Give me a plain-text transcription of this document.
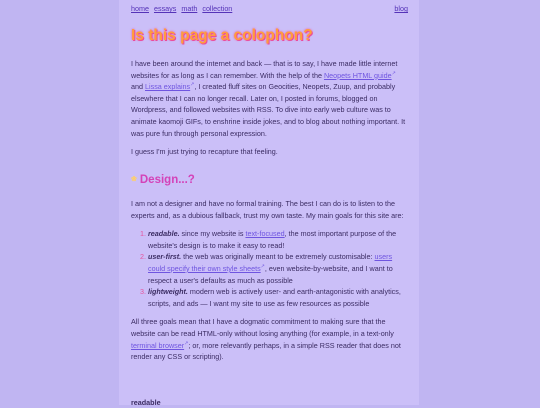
home essays math collection	blog
Is this page a colophon?

I have been around the internet and back — that is to say, I have made little internet websites for as long as I can remember. With the help of the Neopets HTML guide↗ and Lissa explains↗, I created fluff sites on Geocities, Neopets, Zuup, and probably elsewhere that I can no longer recall. Later on, I posted in forums, blogged on Wordpress, and followed websites with RSS. To dive into early web culture was to animate kaomoji GIFs, to enshrine inside jokes, and to blog about nothing important. It was pure fun through personal expression.

I guess I'm just trying to recapture that feeling.

❀ Design...?

I am not a designer and have no formal training. The best I can do is to listen to the experts and, as a dubious fallback, trust my own taste. My main goals for this site are:

1. readable. since my website is text-focused, the most important purpose of the website's design is to make it easy to read!
2. user-first. the web was originally meant to be extremely customisable: users could specify their own style sheets↗, even website-by-website, and I want to respect a user's defaults as much as possible
3. lightweight. modern web is actively user- and earth-antagonistic with analytics, scripts, and ads — I want my site to use as few resources as possible

All three goals mean that I have a dogmatic commitment to making sure that the website can be read HTML-only without losing anything (for example, in a text-only terminal browser↗; or, more relevantly perhaps, in a simple RSS reader that does not render any CSS or scripting).

readable
